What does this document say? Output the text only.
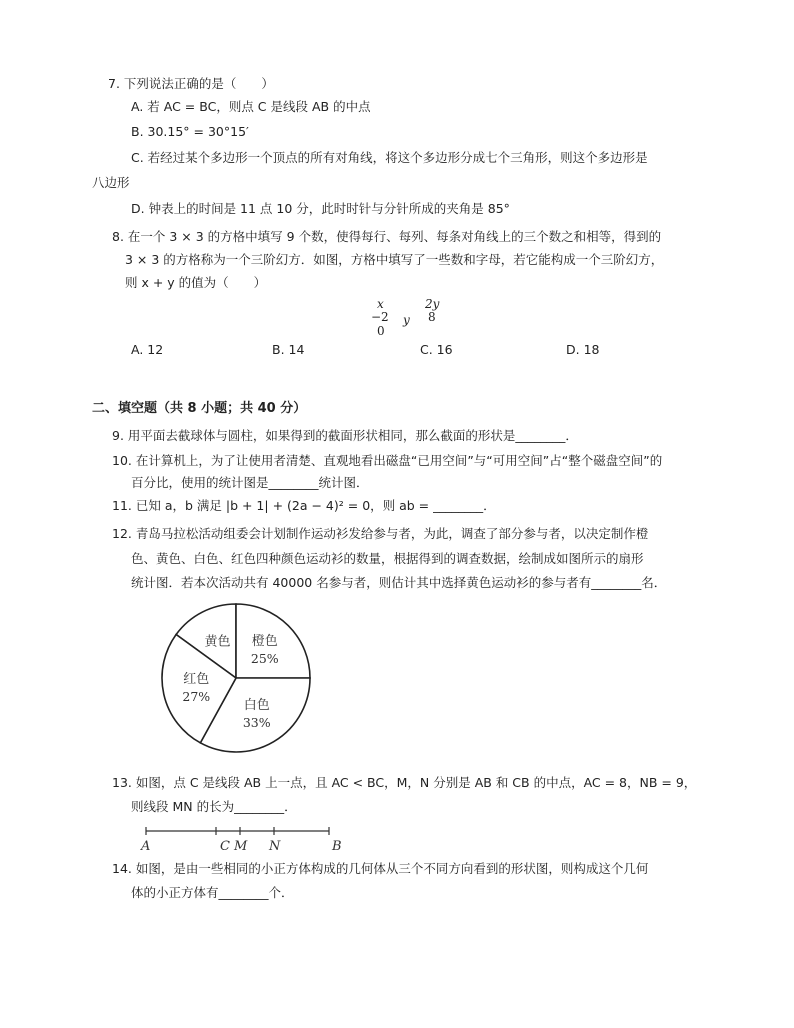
7. 下列说法正确的是（　　）
A. 若 AC = BC，则点 C 是线段 AB 的中点
B. 30.15° = 30°15′
C. 若经过某个多边形一个顶点的所有对角线，将这个多边形分成七个三角形，则这个多边形是
八边形
D. 钟表上的时间是 11 点 10 分，此时时针与分针所成的夹角是 85°
8. 在一个 3 × 3 的方格中填写 9 个数，使得每行、每列、每条对角线上的三个数之和相等，得到的
3 × 3 的方格称为一个三阶幻方．如图，方格中填写了一些数和字母，若它能构成一个三阶幻方，
则 x + y 的值为（　　）
x	2y
−2 y 8
0
A. 12	B. 14	C. 16	D. 18
二、填空题（共 8 小题；共 40 分）
9. 用平面去截球体与圆柱，如果得到的截面形状相同，那么截面的形状是________．
10. 在计算机上，为了让使用者清楚、直观地看出磁盘“已用空间”与“可用空间”占“整个磁盘空间”的
百分比，使用的统计图是________统计图．
11. 已知 a，b 满足 |b + 1| + (2a − 4)² = 0，则 ab = ________．
12. 青岛马拉松活动组委会计划制作运动衫发给参与者，为此，调查了部分参与者，以决定制作橙
色、黄色、白色、红色四种颜色运动衫的数量，根据得到的调查数据，绘制成如图所示的扇形
统计图．若本次活动共有 40000 名参与者，则估计其中选择黄色运动衫的参与者有________名．
黄色 橙色
25%
白色
33%
红色
27%
13. 如图，点 C 是线段 AB 上一点，且 AC < BC，M，N 分别是 AB 和 CB 的中点，AC = 8，NB = 9，
则线段 MN 的长为________．
A	C M N	B
14. 如图，是由一些相同的小正方体构成的几何体从三个不同方向看到的形状图，则构成这个几何
体的小正方体有________个．
